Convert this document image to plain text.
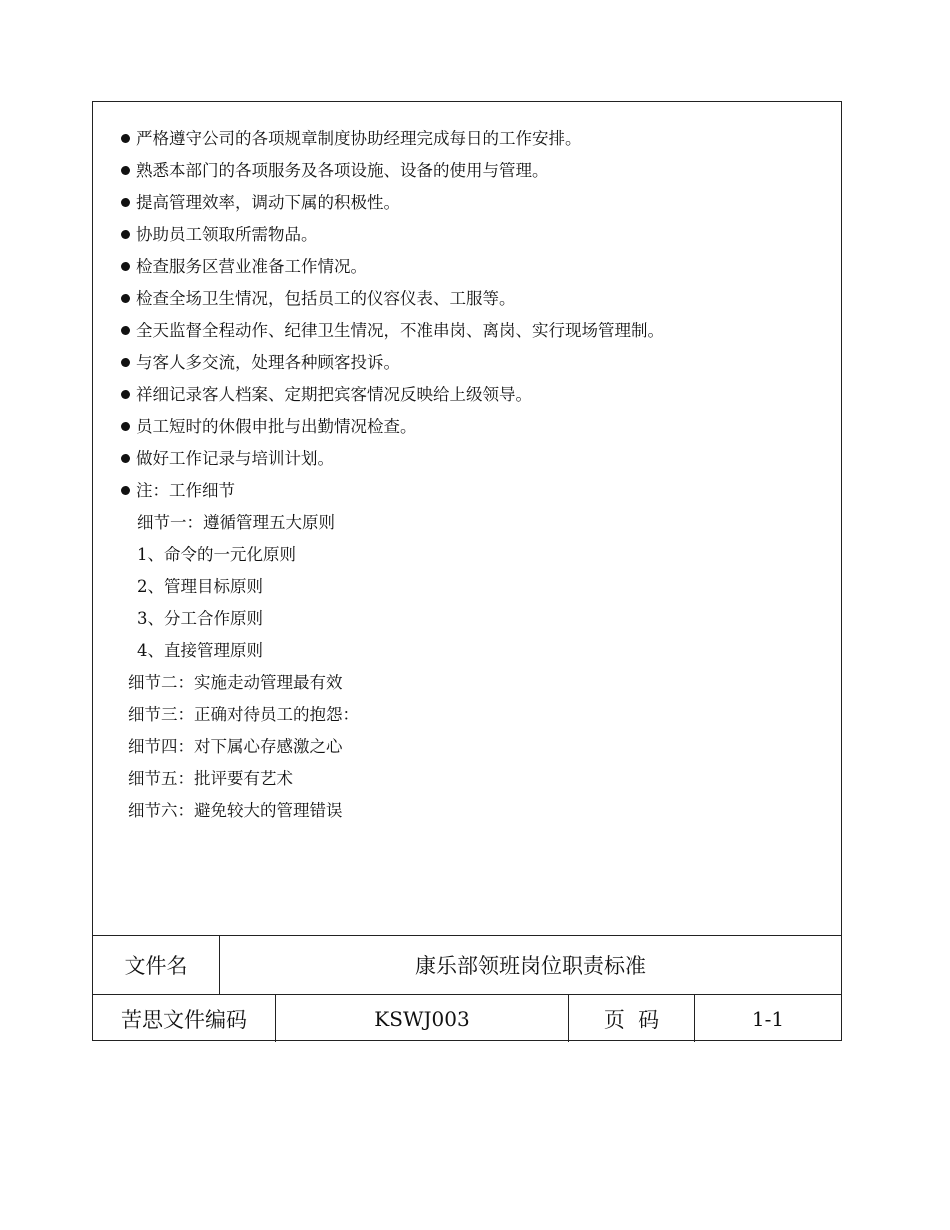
严格遵守公司的各项规章制度协助经理完成每日的工作安排。
熟悉本部门的各项服务及各项设施、设备的使用与管理。
提高管理效率，调动下属的积极性。
协助员工领取所需物品。
检查服务区营业准备工作情况。
检查全场卫生情况，包括员工的仪容仪表、工服等。
全天监督全程动作、纪律卫生情况，不准串岗、离岗、实行现场管理制。
与客人多交流，处理各种顾客投诉。
祥细记录客人档案、定期把宾客情况反映给上级领导。
员工短时的休假申批与出勤情况检查。
做好工作记录与培训计划。
注：工作细节
细节一：遵循管理五大原则
1、命令的一元化原则
2、管理目标原则
3、分工合作原则
4、直接管理原则
细节二：实施走动管理最有效
细节三：正确对待员工的抱怨：
细节四：对下属心存感激之心
细节五：批评要有艺术
细节六：避免较大的管理错误
文件名	康乐部领班岗位职责标准
苦思文件编码	KSWJ003	页  码	1-1
